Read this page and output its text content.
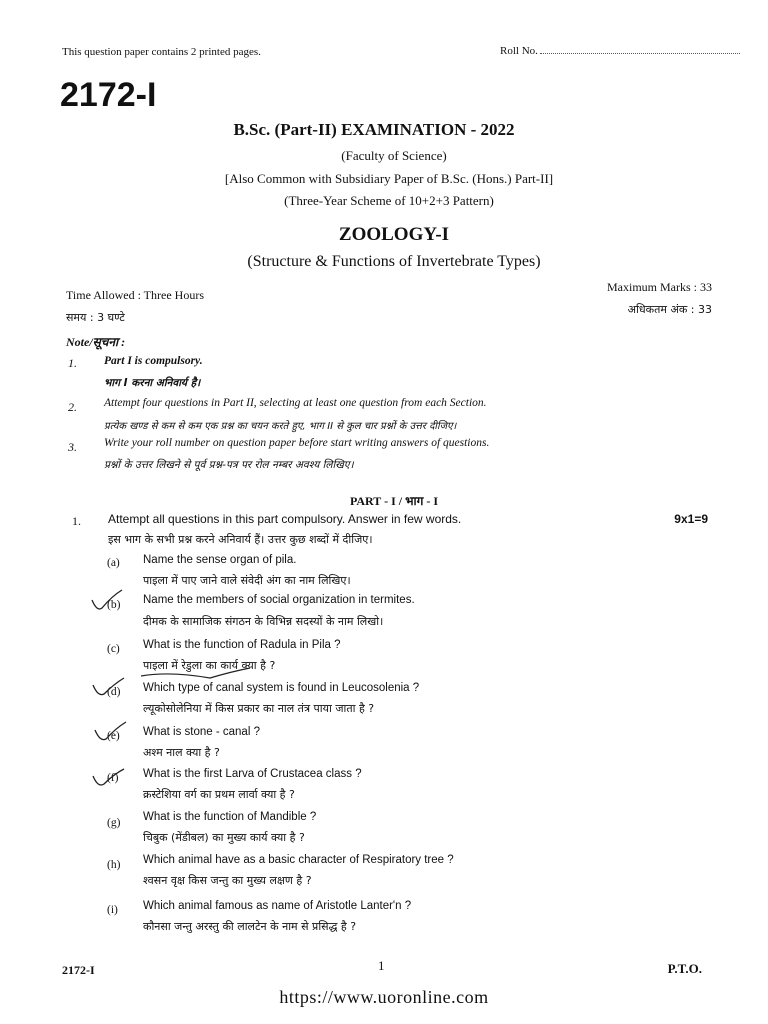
This question paper contains 2 printed pages.	Roll No.
2172-I
B.Sc. (Part-II) EXAMINATION - 2022
(Faculty of Science)
[Also Common with Subsidiary Paper of B.Sc. (Hons.) Part-II]
(Three-Year Scheme of 10+2+3 Pattern)
ZOOLOGY-I
(Structure & Functions of Invertebrate Types)
Time Allowed : Three Hours
समय : 3 घण्टे
Maximum Marks : 33
अधिकतम अंक : 33
Note/सूचना :
1. Part I is compulsory.
भाग I करना अनिवार्य है।
2. Attempt four questions in Part II, selecting at least one question from each Section.
प्रत्येक खण्ड से कम से कम एक प्रश्न का चयन करते हुए, भाग II से कुल चार प्रश्नों के उत्तर दीजिए।
3. Write your roll number on question paper before start writing answers of questions.
प्रश्नों के उत्तर लिखने से पूर्व प्रश्न-पत्र पर रोल नम्बर अवश्य लिखिए।
PART - I / भाग - I
1. Attempt all questions in this part compulsory. Answer in few words.
इस भाग के सभी प्रश्न करने अनिवार्य हैं। उत्तर कुछ शब्दों में दीजिए।
9x1=9
(a) Name the sense organ of pila.
पाइला में पाए जाने वाले संवेदी अंग का नाम लिखिए।
(b) Name the members of social organization in termites.
दीमक के सामाजिक संगठन के विभिन्न सदस्यों के नाम लिखो।
(c) What is the function of Radula in Pila ?
पाइला में रेडुला का कार्य क्या है ?
(d) Which type of canal system is found in Leucosolenia ?
ल्यूकोसोलेनिया में किस प्रकार का नाल तंत्र पाया जाता है ?
(e) What is stone - canal ?
अश्म नाल क्या है ?
(f) What is the first Larva of Crustacea class ?
क्रस्टेशिया वर्ग का प्रथम लार्वा क्या है ?
(g) What is the function of Mandible ?
चिबुक (मेंडीबल) का मुख्य कार्य क्या है ?
(h) Which animal have as a basic character of Respiratory tree ?
श्वसन वृक्ष किस जन्तु का मुख्य लक्षण है ?
(i) Which animal famous as name of Aristotle Lanter'n ?
कौनसा जन्तु अरस्तु की लालटेन के नाम से प्रसिद्ध है ?
2172-I	1	P.T.O.
https://www.uoronline.com
